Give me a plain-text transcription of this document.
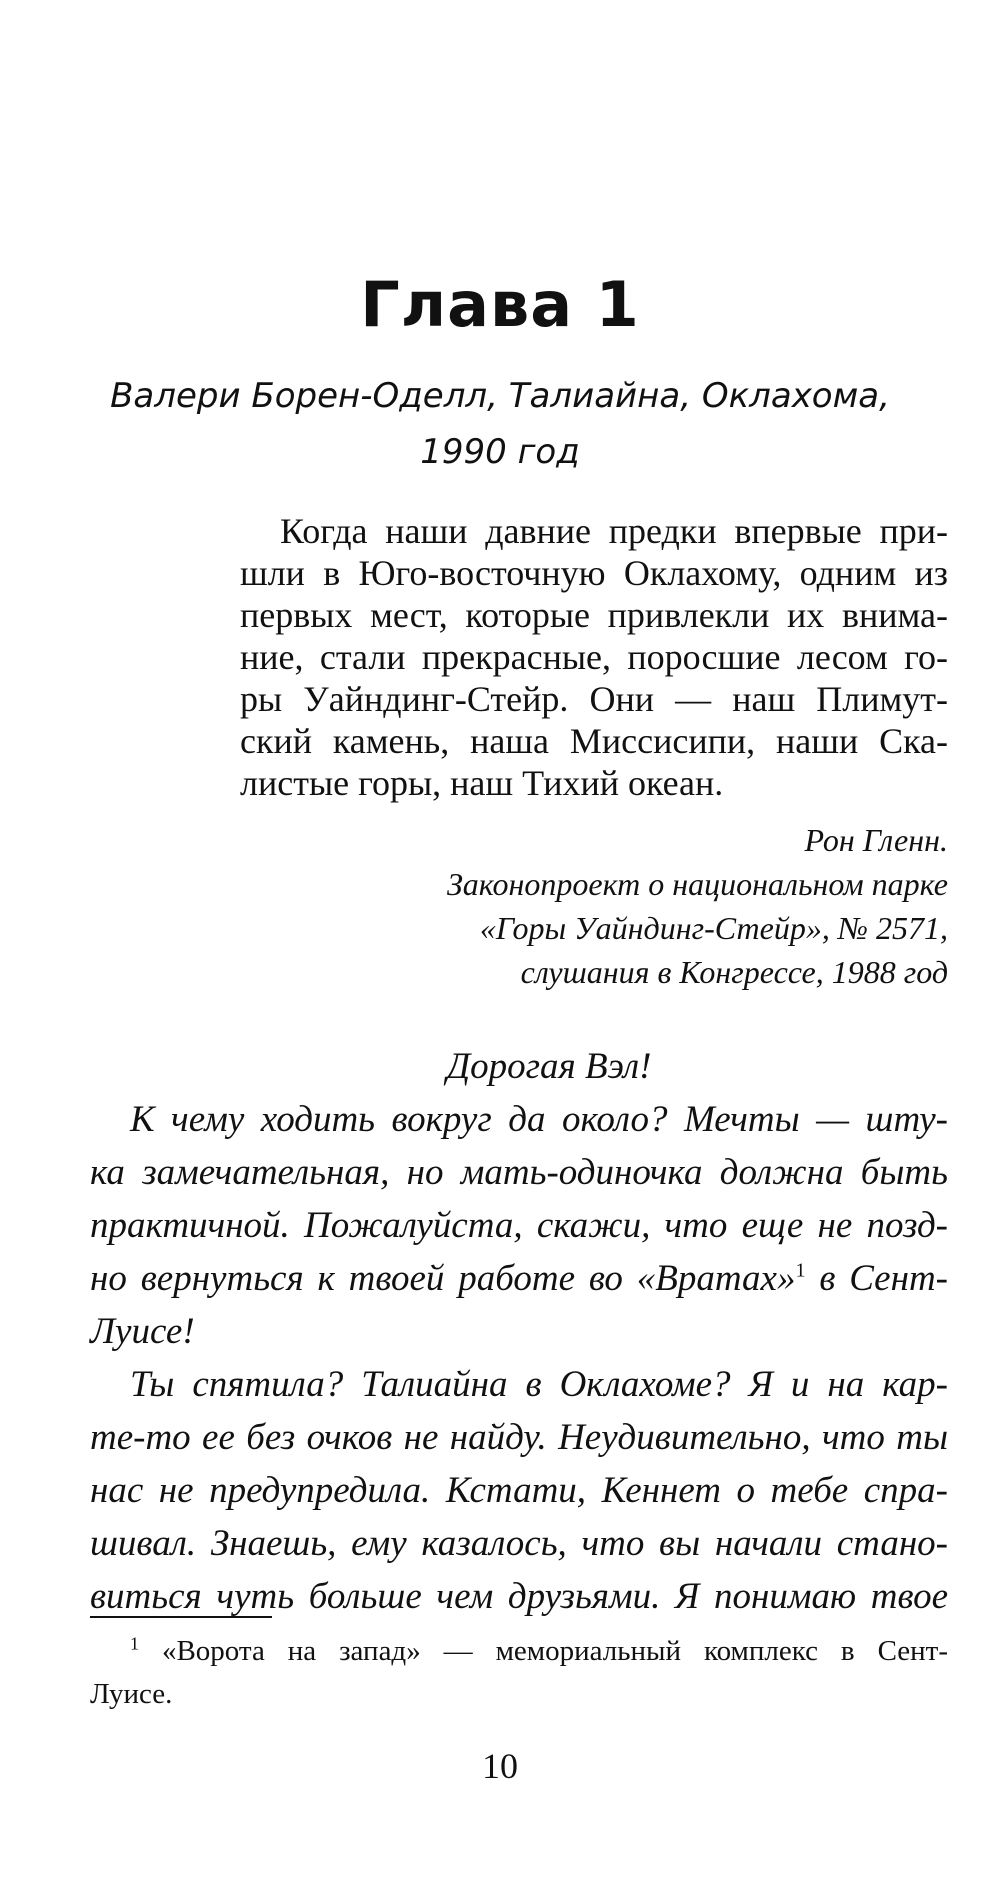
Глава 1
Валери Борен-Оделл, Талиайна, Оклахома,
1990 год
Когда наши давние предки впервые при-
шли в Юго-восточную Оклахому, одним из
первых мест, которые привлекли их внима-
ние, стали прекрасные, поросшие лесом го-
ры Уайндинг-Стейр. Они — наш Плимут-
ский камень, наша Миссисипи, наши Ска-
листые горы, наш Тихий океан.
Рон Гленн.
Законопроект о национальном парке
«Горы Уайндинг-Стейр», № 2571,
слушания в Конгрессе, 1988 год
Дорогая Вэл!
К чему ходить вокруг да около? Мечты — шту-
ка замечательная, но мать-одиночка должна быть
практичной. Пожалуйста, скажи, что еще не позд-
но вернуться к твоей работе во «Вратах»$^1$ в Сент-
Луисе!
Ты спятила? Талиайна в Оклахоме? Я и на кар-
те-то ее без очков не найду. Неудивительно, что ты
нас не предупредила. Кстати, Кеннет о тебе спра-
шивал. Знаешь, ему казалось, что вы начали стано-
виться чуть больше чем друзьями. Я понимаю твое
$^1$ «Ворота на запад» — мемориальный комплекс в Сент-
Луисе.
10
